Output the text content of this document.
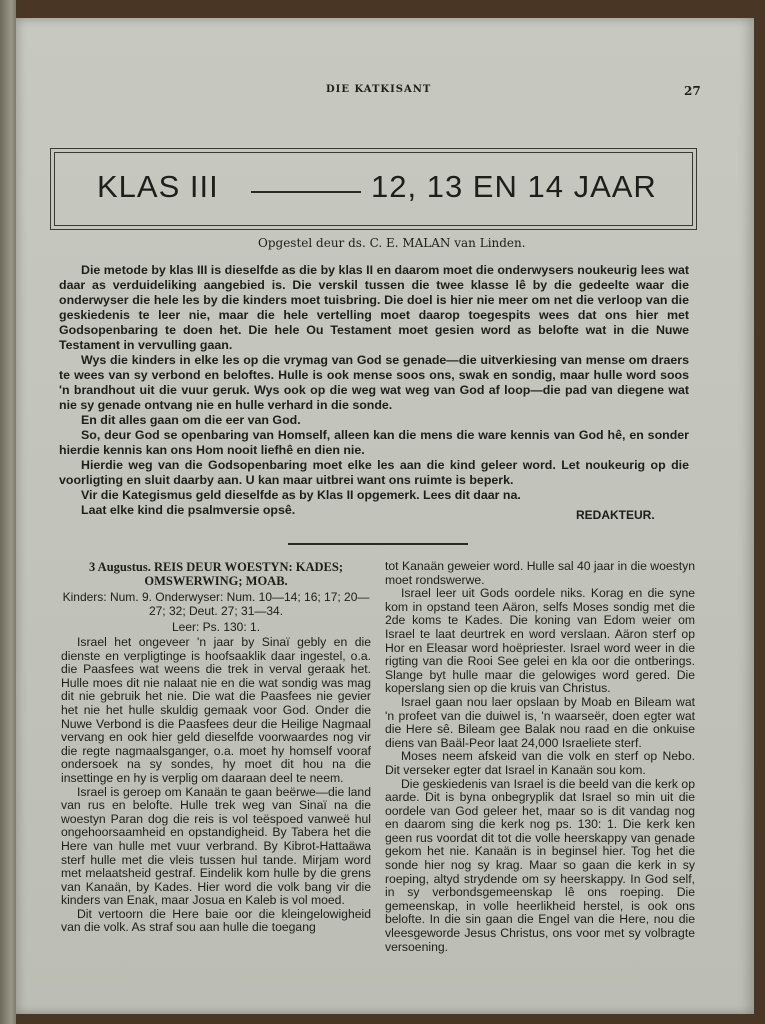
DIE KATKISANT	27
KLAS III	12, 13 EN 14 JAAR
Opgestel deur ds. C. E. MALAN van Linden.

Die metode by klas III is dieselfde as die by klas II en daarom moet die onderwysers noukeurig lees wat daar as verduideliking aangebied is. Die verskil tussen die twee klasse lê by die gedeelte waar die onderwyser die hele les by die kinders moet tuisbring. Die doel is hier nie meer om net die verloop van die geskiedenis te leer nie, maar die hele vertelling moet daarop toegespits wees dat ons hier met Godsopenbaring te doen het. Die hele Ou Testament moet gesien word as belofte wat in die Nuwe Testament in vervulling gaan.

Wys die kinders in elke les op die vrymag van God se genade—die uitverkiesing van mense om draers te wees van sy verbond en beloftes. Hulle is ook mense soos ons, swak en sondig, maar hulle word soos 'n brandhout uit die vuur geruk. Wys ook op die weg wat weg van God af loop—die pad van diegene wat nie sy genade ontvang nie en hulle verhard in die sonde.

En dit alles gaan om die eer van God.

So, deur God se openbaring van Homself, alleen kan die mens die ware kennis van God hê, en sonder hierdie kennis kan ons Hom nooit liefhê en dien nie.

Hierdie weg van die Godsopenbaring moet elke les aan die kind geleer word. Let noukeurig op die voorligting en sluit daarby aan. U kan maar uitbrei want ons ruimte is beperk.

Vir die Kategismus geld dieselfde as by Klas II opgemerk. Lees dit daar na.

Laat elke kind die psalmversie opsê.	REDAKTEUR.
3 Augustus. REIS DEUR WOESTYN: KADES;
OMSWERWING; MOAB.
Kinders: Num. 9. Onderwyser: Num. 10—14; 16; 17; 20—27; 32; Deut. 27; 31—34.
Leer: Ps. 130: 1.

Israel het ongeveer 'n jaar by Sinaï gebly en die dienste en verpligtinge is hoofsaaklik daar ingestel, o.a. die Paasfees wat weens die trek in verval geraak het. Hulle moes dit nie nalaat nie en die wat sondig was mag dit nie gebruik het nie. Die wat die Paasfees nie gevier het nie het hulle skuldig gemaak voor God. Onder die Nuwe Verbond is die Paasfees deur die Heilige Nagmaal vervang en ook hier geld dieselfde voorwaardes nog vir die regte nagmaalsganger, o.a. moet hy homself vooraf ondersoek na sy sondes, hy moet dit hou na die insettinge en hy is verplig om daaraan deel te neem.

Israel is geroep om Kanaän te gaan beërwe—die land van rus en belofte. Hulle trek weg van Sinaï na die woestyn Paran dog die reis is vol teëspoed vanweë hul ongehoorsaamheid en opstandigheid. By Tabera het die Here van hulle met vuur verbrand. By Kibrot-Hattaäwa sterf hulle met die vleis tussen hul tande. Mirjam word met melaatsheid gestraf. Eindelik kom hulle by die grens van Kanaän, by Kades. Hier word die volk bang vir die kinders van Enak, maar Josua en Kaleb is vol moed.

Dit vertoorn die Here baie oor die kleingelowigheid van die volk. As straf sou aan hulle die toegang

tot Kanaän geweier word. Hulle sal 40 jaar in die woestyn moet rondswerwe.

Israel leer uit Gods oordele niks. Korag en die syne kom in opstand teen Aäron, selfs Moses sondig met die 2de koms te Kades. Die koning van Edom weier om Israel te laat deurtrek en word verslaan. Aäron sterf op Hor en Eleasar word hoëpriester. Israel word weer in die rigting van die Rooi See gelei en kla oor die ontberings. Slange byt hulle maar die gelowiges word gered. Die koperslang sien op die kruis van Christus.

Israel gaan nou laer opslaan by Moab en Bileam wat 'n profeet van die duiwel is, 'n waarseër, doen egter wat die Here sê. Bileam gee Balak nou raad en die onkuise diens van Baäl-Peor laat 24,000 Israeliete sterf.

Moses neem afskeid van die volk en sterf op Nebo. Dit verseker egter dat Israel in Kanaän sou kom.

Die geskiedenis van Israel is die beeld van die kerk op aarde. Dit is byna onbegryplik dat Israel so min uit die oordele van God geleer het, maar so is dit vandag nog en daarom sing die kerk nog ps. 130: 1. Die kerk ken geen rus voordat dit tot die volle heerskappy van genade gekom het nie. Kanaän is in beginsel hier. Tog het die sonde hier nog sy krag. Maar so gaan die kerk in sy roeping, altyd strydende om sy heerskappy. In God self, in sy verbondsgemeenskap lê ons roeping. Die gemeenskap, in volle heerlikheid herstel, is ook ons belofte. In die sin gaan die Engel van die Here, nou die vleesgeworde Jesus Christus, ons voor met sy volbragte versoening.
